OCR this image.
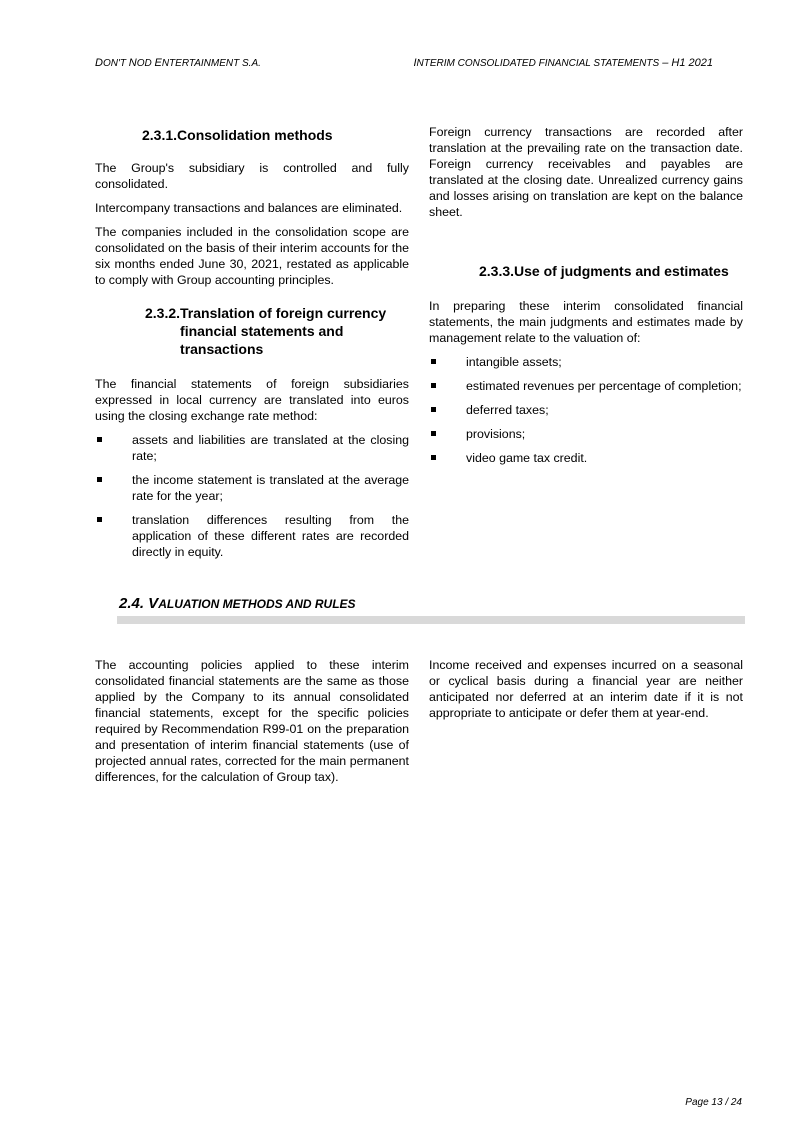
DON'T NOD ENTERTAINMENT S.A.	INTERIM CONSOLIDATED FINANCIAL STATEMENTS – H1 2021
2.3.1. Consolidation methods

The Group's subsidiary is controlled and fully consolidated.

Intercompany transactions and balances are eliminated.

The companies included in the consolidation scope are consolidated on the basis of their interim accounts for the six months ended June 30, 2021, restated as applicable to comply with Group accounting principles.

2.3.2. Translation of foreign currency financial statements and transactions

The financial statements of foreign subsidiaries expressed in local currency are translated into euros using the closing exchange rate method:

assets and liabilities are translated at the closing rate;
the income statement is translated at the average rate for the year;
translation differences resulting from the application of these different rates are recorded directly in equity.

Foreign currency transactions are recorded after translation at the prevailing rate on the transaction date. Foreign currency receivables and payables are translated at the closing date. Unrealized currency gains and losses arising on translation are kept on the balance sheet.

2.3.3. Use of judgments and estimates

In preparing these interim consolidated financial statements, the main judgments and estimates made by management relate to the valuation of:

intangible assets;
estimated revenues per percentage of completion;
deferred taxes;
provisions;
video game tax credit.
2.4. VALUATION METHODS AND RULES

The accounting policies applied to these interim consolidated financial statements are the same as those applied by the Company to its annual consolidated financial statements, except for the specific policies required by Recommendation R99-01 on the preparation and presentation of interim financial statements (use of projected annual rates, corrected for the main permanent differences, for the calculation of Group tax).

Income received and expenses incurred on a seasonal or cyclical basis during a financial year are neither anticipated nor deferred at an interim date if it is not appropriate to anticipate or defer them at year-end.

Page 13 / 24
